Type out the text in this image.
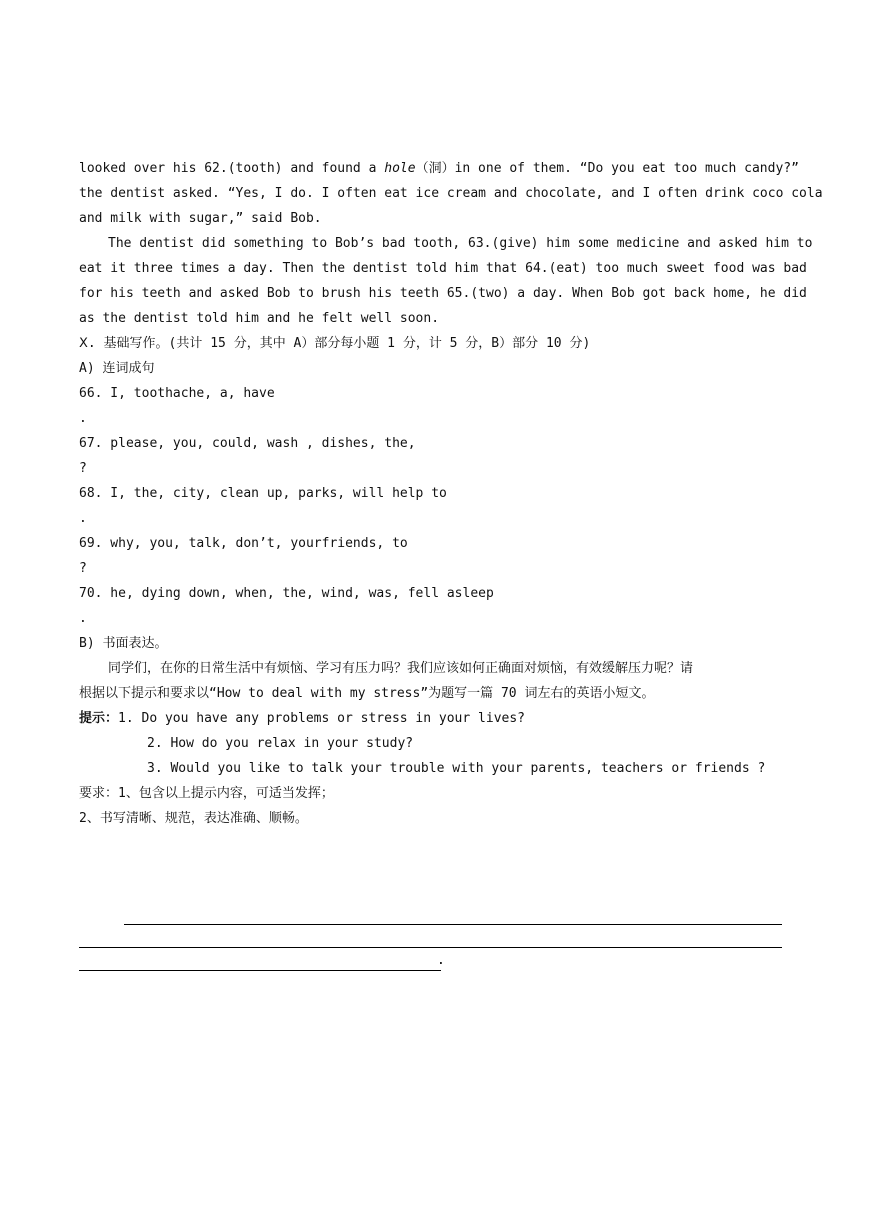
looked over his 62.(tooth) and found a hole（洞）in one of them. “Do you eat too much candy?”
the dentist asked. “Yes, I do. I often eat ice cream and chocolate, and I often drink coco cola
and milk with sugar,” said Bob.
The dentist did something to Bob’s bad tooth, 63.(give) him some medicine and asked him to
eat it three times a day. Then the dentist told him that 64.(eat) too much sweet food was bad
for his teeth and asked Bob to brush his teeth 65.(two) a day. When Bob got back home, he did
as the dentist told him and he felt well soon.
Ⅹ. 基础写作。(共计 15 分，其中 A）部分每小题 1 分，计 5 分，B）部分 10 分)
A) 连词成句
66. I, toothache, a, have
.
67. please, you, could, wash , dishes, the,
?
68. I, the, city, clean up, parks, will help to
.
69. why, you, talk, don’t, yourfriends, to
?
70. he, dying down, when, the, wind, was, fell asleep
.
B) 书面表达。
同学们，在你的日常生活中有烦恼、学习有压力吗？我们应该如何正确面对烦恼，有效缓解压力呢？请
根据以下提示和要求以“How to deal with my stress”为题写一篇 70 词左右的英语小短文。
提示：1. Do you have any problems or stress in your lives?
2. How do you relax in your study?
3. Would you like to talk your trouble with your parents, teachers or friends ?
要求：1、包含以上提示内容，可适当发挥；
2、书写清晰、规范，表达准确、顺畅。
.
